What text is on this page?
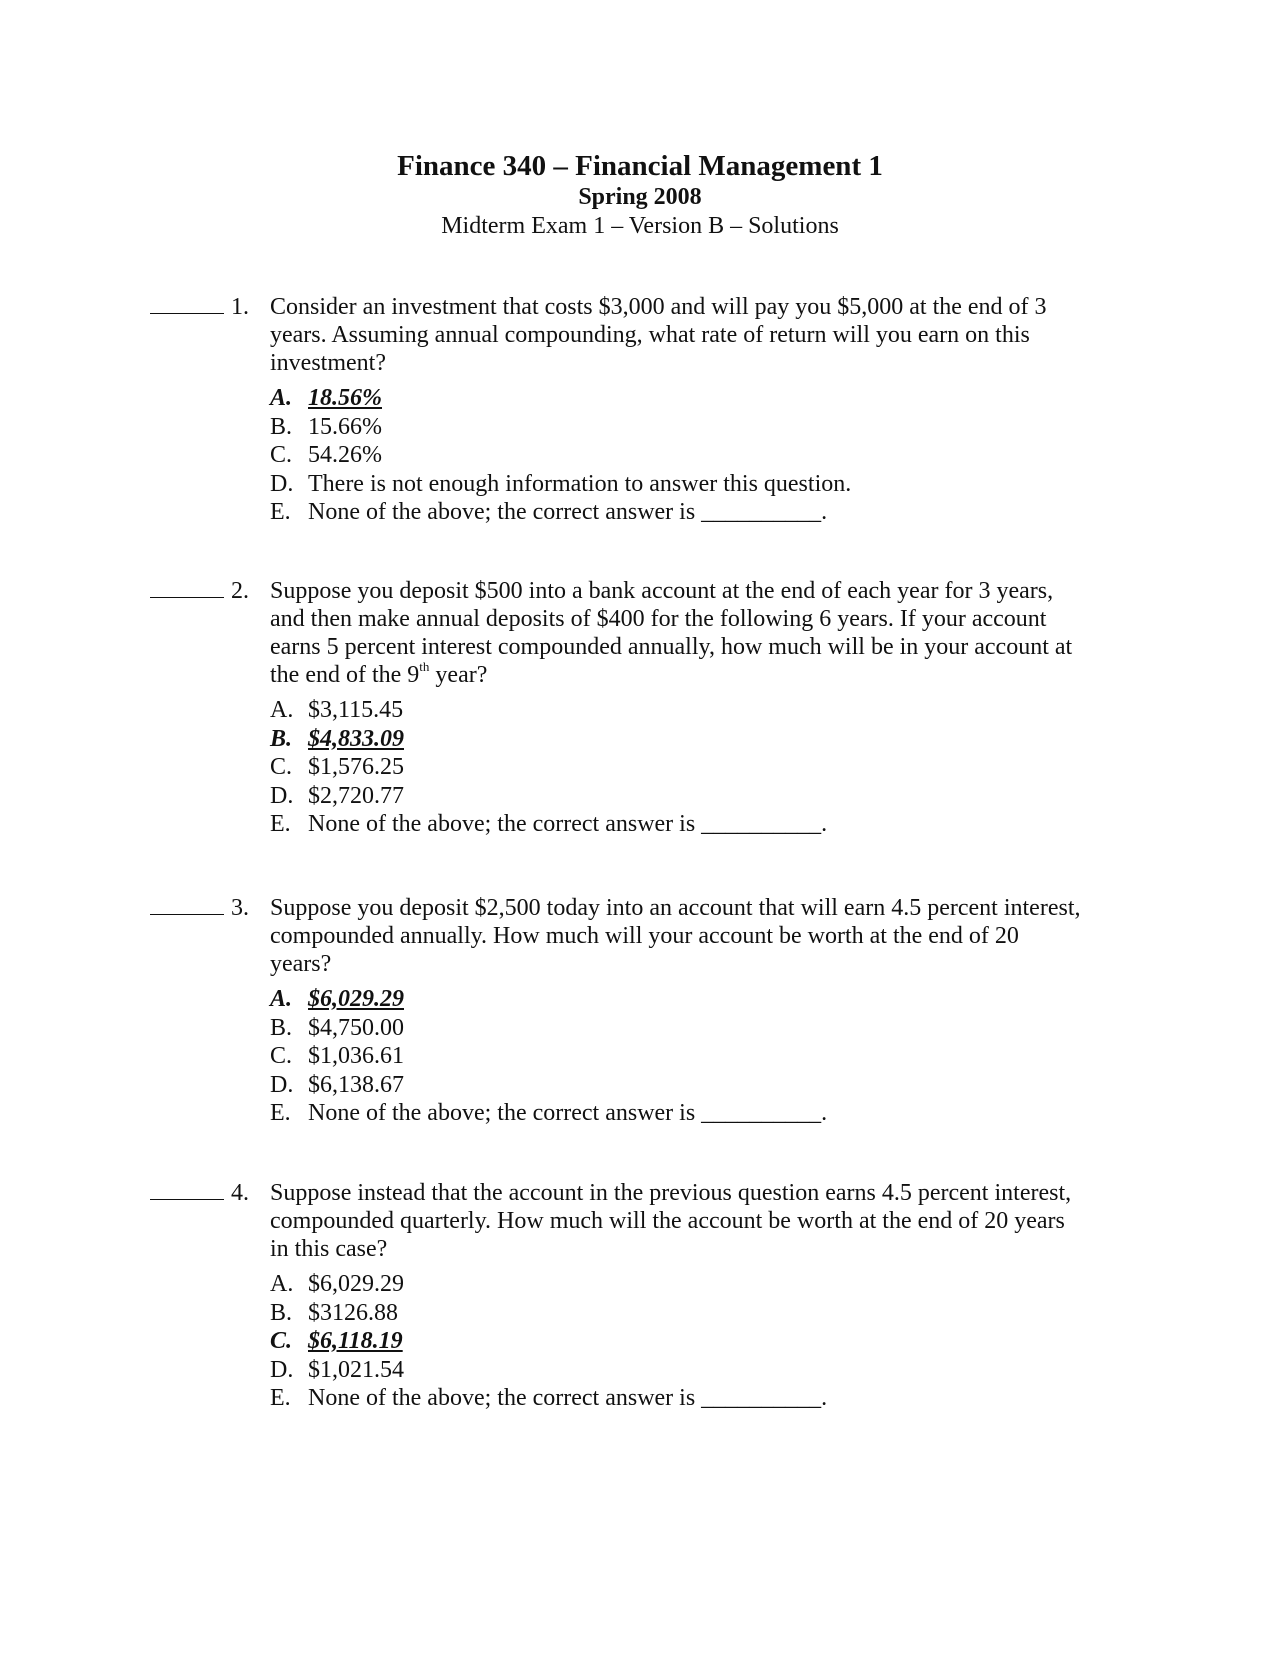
Finance 340 – Financial Management 1
Spring 2008
Midterm Exam 1 – Version B – Solutions
1. Consider an investment that costs $3,000 and will pay you $5,000 at the end of 3

years. Assuming annual compounding, what rate of return will you earn on this

investment?

A. 18.56%
B. 15.66%
C. 54.26%
D. There is not enough information to answer this question.
E. None of the above; the correct answer is __________.
2. Suppose you deposit $500 into a bank account at the end of each year for 3 years,

and then make annual deposits of $400 for the following 6 years. If your account

earns 5 percent interest compounded annually, how much will be in your account at

the end of the 9th year?

A. $3,115.45
B. $4,833.09
C. $1,576.25
D. $2,720.77
E. None of the above; the correct answer is __________.
3. Suppose you deposit $2,500 today into an account that will earn 4.5 percent interest,

compounded annually. How much will your account be worth at the end of 20

years?

A. $6,029.29
B. $4,750.00
C. $1,036.61
D. $6,138.67
E. None of the above; the correct answer is __________.
4. Suppose instead that the account in the previous question earns 4.5 percent interest,

compounded quarterly. How much will the account be worth at the end of 20 years

in this case?

A. $6,029.29
B. $3126.88
C. $6,118.19
D. $1,021.54
E. None of the above; the correct answer is __________.
